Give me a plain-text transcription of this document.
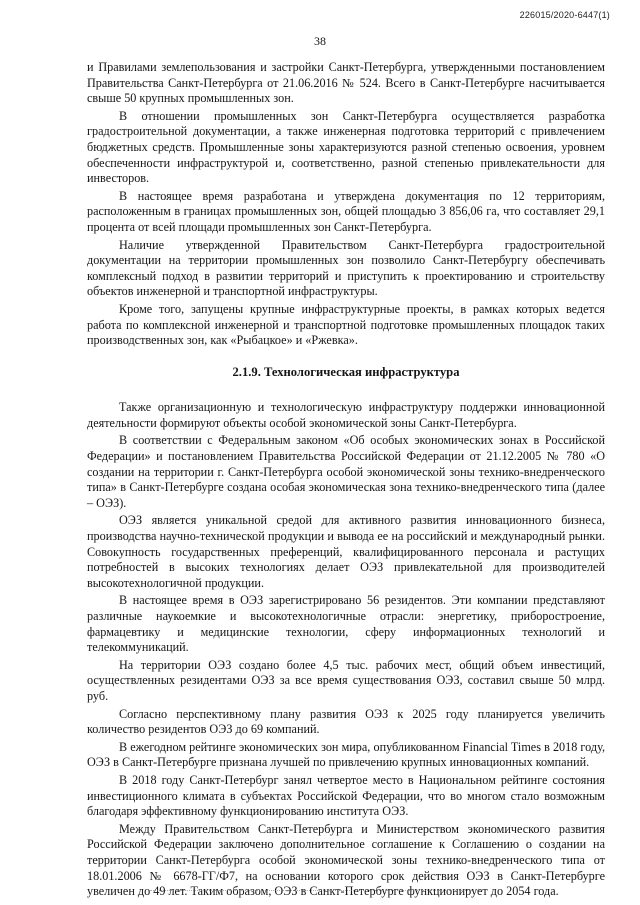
226015/2020-6447(1)
38

и Правилами землепользования и застройки Санкт-Петербурга, утвержденными постановлением Правительства Санкт-Петербурга от 21.06.2016 № 524. Всего в Санкт-Петербурге насчитывается свыше 50 крупных промышленных зон.

В отношении промышленных зон Санкт-Петербурга осуществляется разработка градостроительной документации, а также инженерная подготовка территорий с привлечением бюджетных средств. Промышленные зоны характеризуются разной степенью освоения, уровнем обеспеченности инфраструктурой и, соответственно, разной степенью привлекательности для инвесторов.

В настоящее время разработана и утверждена документация по 12 территориям, расположенным в границах промышленных зон, общей площадью 3 856,06 га, что составляет 29,1 процента от всей площади промышленных зон Санкт-Петербурга.

Наличие утвержденной Правительством Санкт-Петербурга градостроительной документации на территории промышленных зон позволило Санкт-Петербургу обеспечивать комплексный подход в развитии территорий и приступить к проектированию и строительству объектов инженерной и транспортной инфраструктуры.

Кроме того, запущены крупные инфраструктурные проекты, в рамках которых ведется работа по комплексной инженерной и транспортной подготовке промышленных площадок таких производственных зон, как «Рыбацкое» и «Ржевка».

2.1.9. Технологическая инфраструктура

Также организационную и технологическую инфраструктуру поддержки инновационной деятельности формируют объекты особой экономической зоны Санкт-Петербурга.

В соответствии с Федеральным законом «Об особых экономических зонах в Российской Федерации» и постановлением Правительства Российской Федерации от 21.12.2005 № 780 «О создании на территории г. Санкт-Петербурга особой экономической зоны технико-внедренческого типа» в Санкт-Петербурге создана особая экономическая зона технико-внедренческого типа (далее – ОЭЗ).

ОЭЗ является уникальной средой для активного развития инновационного бизнеса, производства научно-технической продукции и вывода ее на российский и международный рынки. Совокупность государственных преференций, квалифицированного персонала и растущих потребностей в высоких технологиях делает ОЭЗ привлекательной для производителей высокотехнологичной продукции.

В настоящее время в ОЭЗ зарегистрировано 56 резидентов. Эти компании представляют различные наукоемкие и высокотехнологичные отрасли: энергетику, приборостроение, фармацевтику и медицинские технологии, сферу информационных технологий и телекоммуникаций.

На территории ОЭЗ создано более 4,5 тыс. рабочих мест, общий объем инвестиций, осуществленных резидентами ОЭЗ за все время существования ОЭЗ, составил свыше 50 млрд. руб.

Согласно перспективному плану развития ОЭЗ к 2025 году планируется увеличить количество резидентов ОЭЗ до 69 компаний.

В ежегодном рейтинге экономических зон мира, опубликованном Financial Times в 2018 году, ОЭЗ в Санкт-Петербурге признана лучшей по привлечению крупных инновационных компаний.

В 2018 году Санкт-Петербург занял четвертое место в Национальном рейтинге состояния инвестиционного климата в субъектах Российской Федерации, что во многом стало возможным благодаря эффективному функционированию института ОЭЗ.

Между Правительством Санкт-Петербурга и Министерством экономического развития Российской Федерации заключено дополнительное соглашение к Соглашению о создании на территории Санкт-Петербурга особой экономической зоны технико-внедренческого типа от 18.01.2006 № 6678-ГГ/Ф7, на основании которого срок действия ОЭЗ в Санкт-Петербурге увеличен до 49 лет. Таким образом, ОЭЗ в Санкт-Петербурге функционирует до 2054 года.
